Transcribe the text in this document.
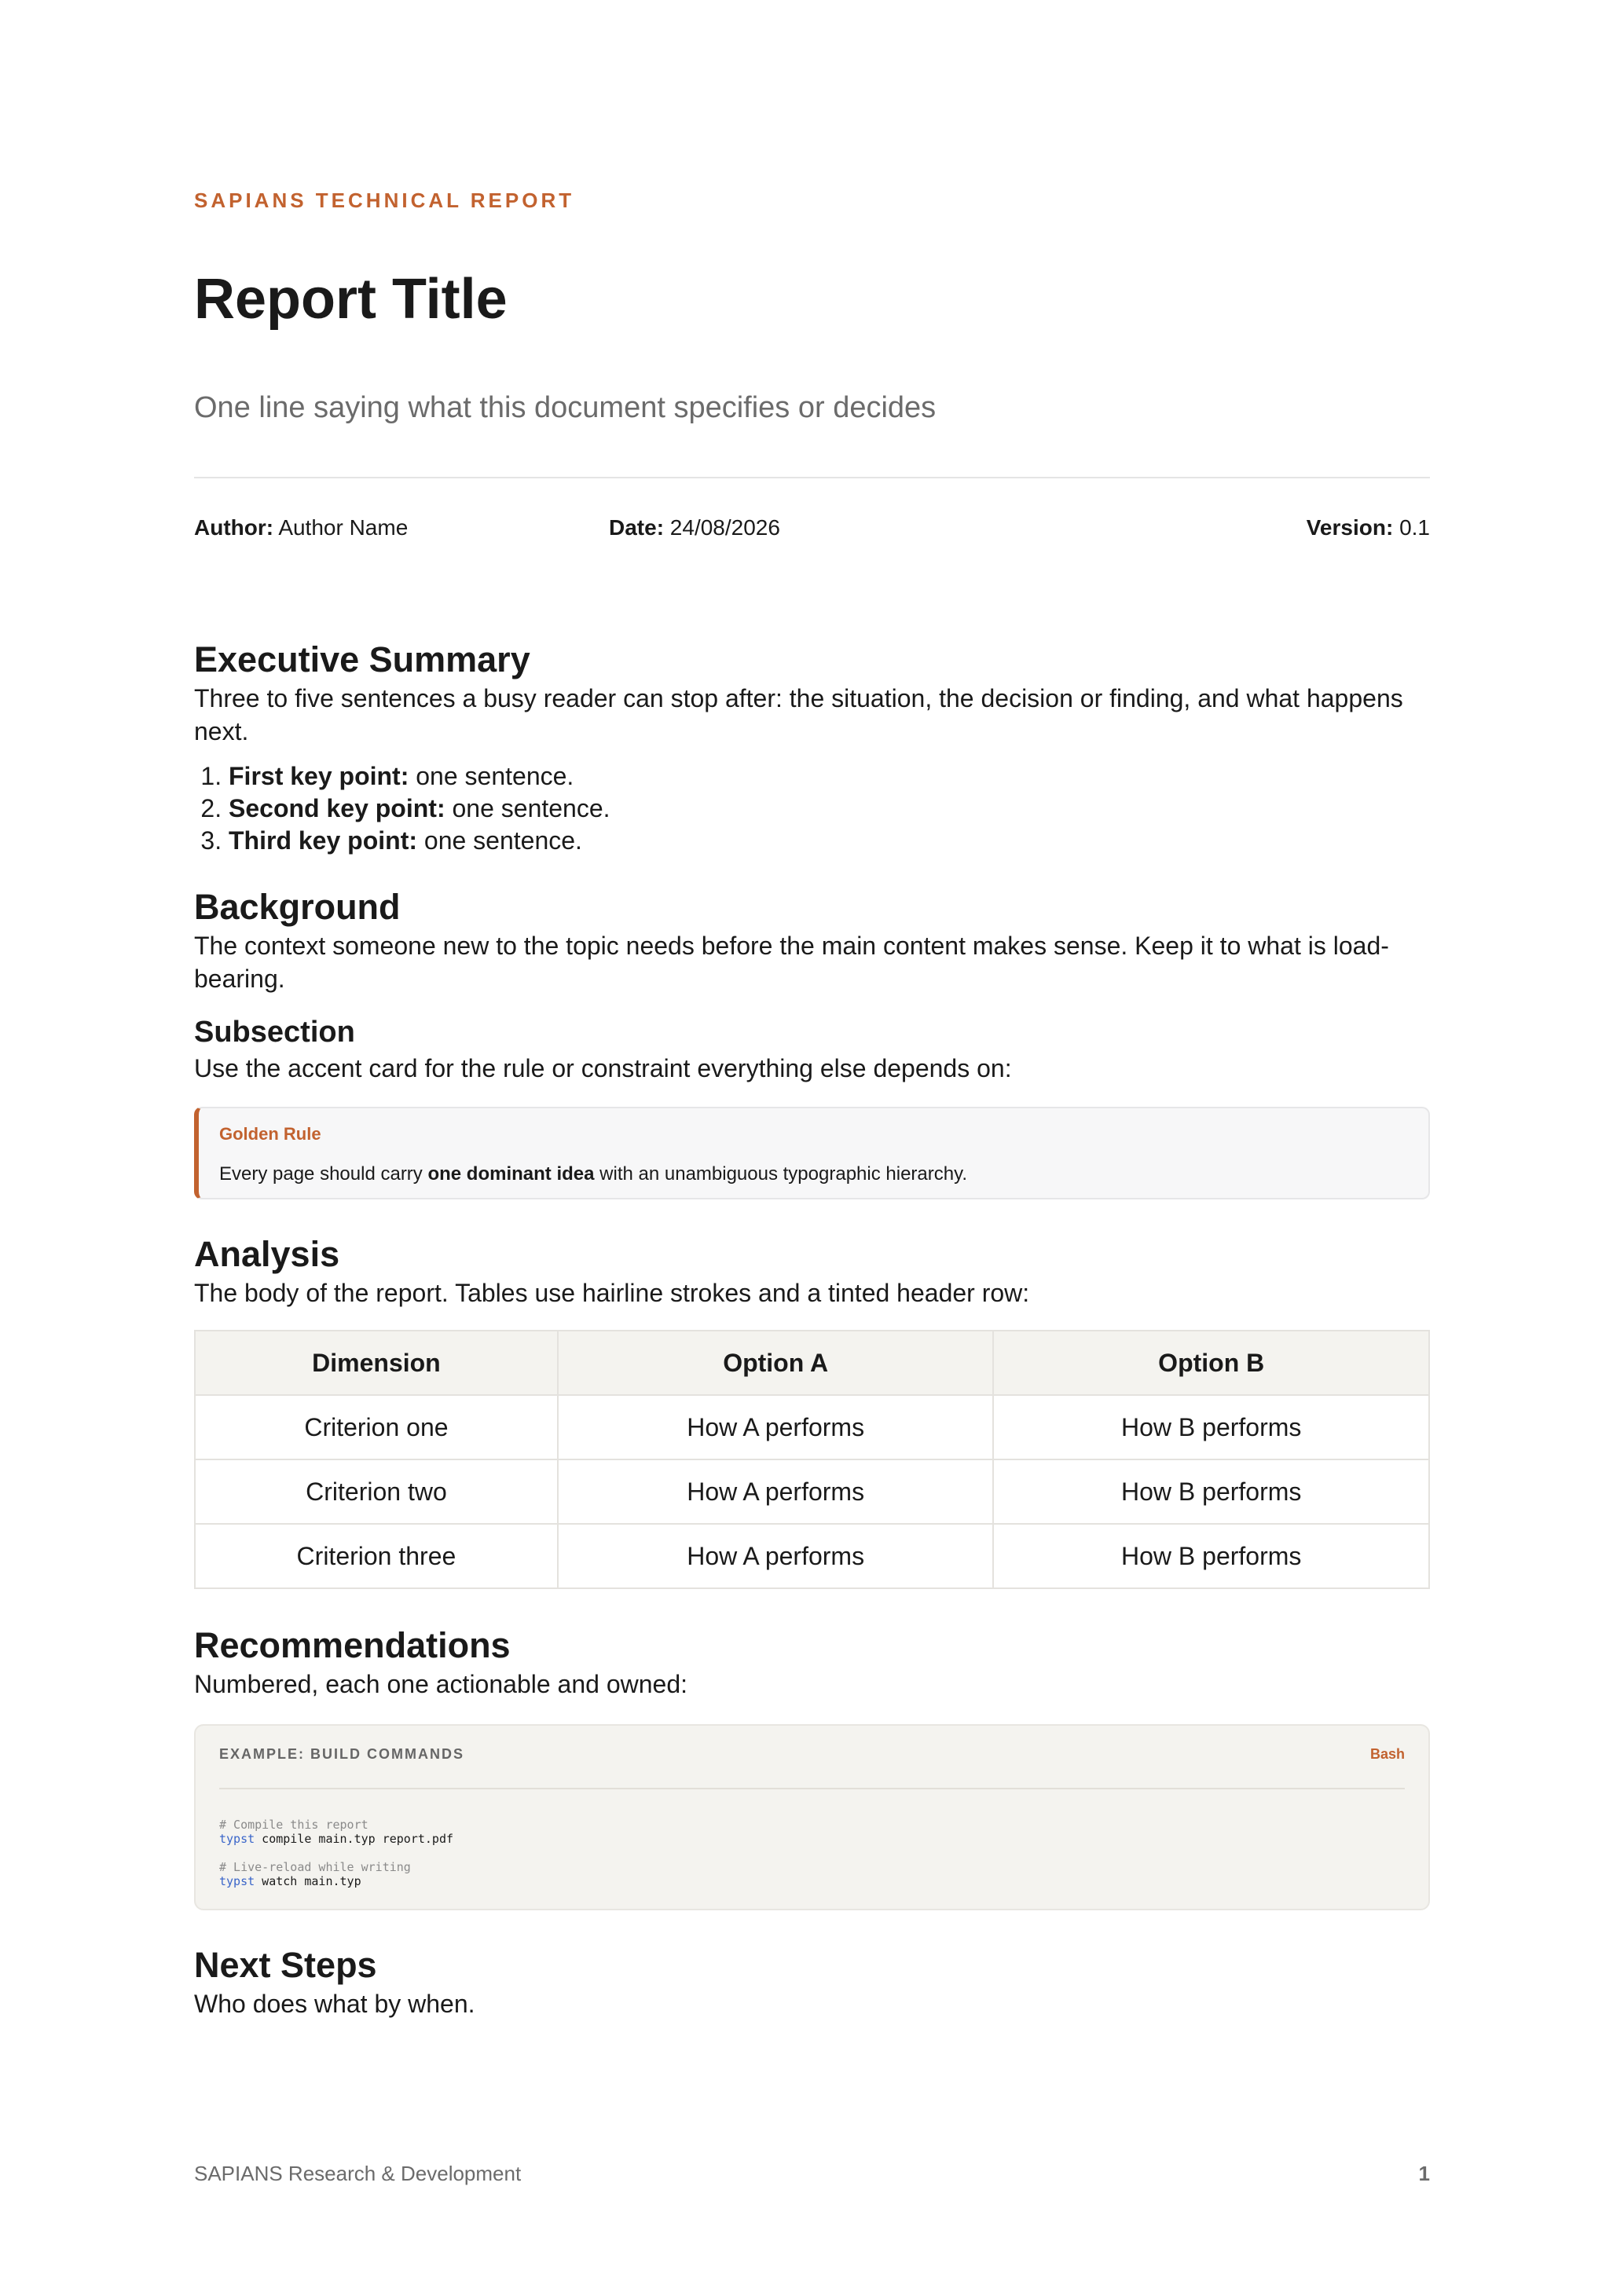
SAPIANS TECHNICAL REPORT
Report Title

One line saying what this document specifies or decides

Author: Author Name	Date: 24/08/2026	Version: 0.1
Executive Summary

Three to five sentences a busy reader can stop after: the situation, the decision or finding, and what happens next.

1. First key point: one sentence.
2. Second key point: one sentence.
3. Third key point: one sentence.
Background

The context someone new to the topic needs before the main content makes sense. Keep it to what is load-bearing.

Subsection

Use the accent card for the rule or constraint everything else depends on:

Golden Rule
Every page should carry one dominant idea with an unambiguous typographic hierarchy.
Analysis

The body of the report. Tables use hairline strokes and a tinted header row:

Dimension	Option A	Option B
Criterion one	How A performs	How B performs
Criterion two	How A performs	How B performs
Criterion three	How A performs	How B performs
Recommendations

Numbered, each one actionable and owned:

EXAMPLE: BUILD COMMANDS	Bash
# Compile this report
typst compile main.typ report.pdf

# Live-reload while writing
typst watch main.typ
Next Steps

Who does what by when.

SAPIANS Research & Development	1
